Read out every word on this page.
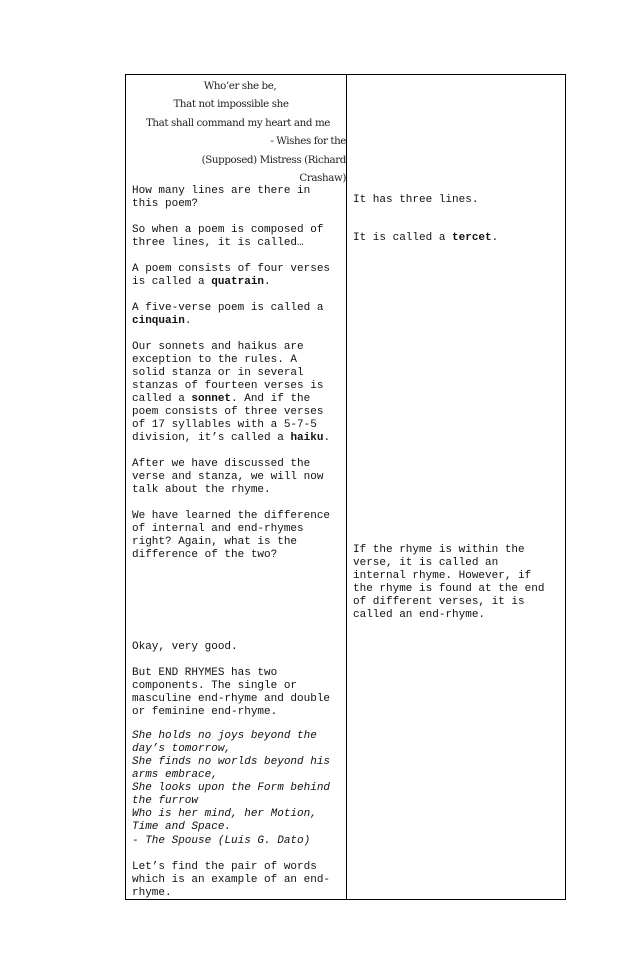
Who’er she be,
That not impossible she
That shall command my heart and me
- Wishes for the
(Supposed) Mistress (Richard
Crashaw)

How many lines are there in
this poem?

So when a poem is composed of
three lines, it is called…

A poem consists of four verses
is called a quatrain.

A five-verse poem is called a
cinquain.

Our sonnets and haikus are
exception to the rules. A
solid stanza or in several
stanzas of fourteen verses is
called a sonnet. And if the
poem consists of three verses
of 17 syllables with a 5-7-5
division, it’s called a haiku.

After we have discussed the
verse and stanza, we will now
talk about the rhyme.

We have learned the difference
of internal and end-rhymes
right? Again, what is the
difference of the two?

Okay, very good.

But END RHYMES has two
components. The single or
masculine end-rhyme and double
or feminine end-rhyme.

She holds no joys beyond the
day’s tomorrow,
She finds no worlds beyond his
arms embrace,
She looks upon the Form behind
the furrow
Who is her mind, her Motion,
Time and Space.

- The Spouse (Luis G. Dato)

Let’s find the pair of words
which is an example of an end-
rhyme.

It has three lines.

It is called a tercet.

If the rhyme is within the
verse, it is called an
internal rhyme. However, if
the rhyme is found at the end
of different verses, it is
called an end-rhyme.
